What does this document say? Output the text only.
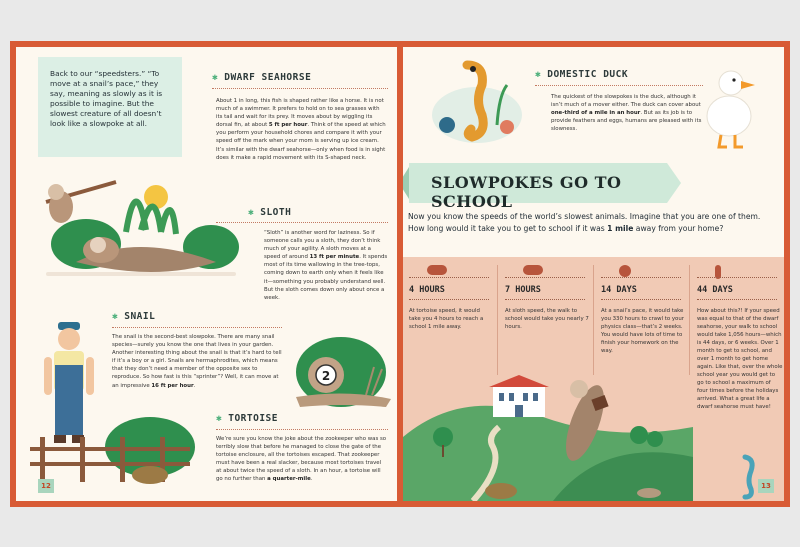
Back to our “speedsters.” “To move at a snail’s pace,” they say, meaning as slowly as it is possible to imagine. But the slowest creature of all doesn’t look like a slowpoke at all.
✱ DWARF SEAHORSE
About 1 in long, this fish is shaped rather like a horse. It is not much of a swimmer. It prefers to hold on to sea grasses with its tail and wait for its prey. It moves about by wiggling its dorsal fin, at about 5 ft per hour. Think of the speed at which you perform your household chores and compare it with your speed off the mark when your mom is serving up ice cream. It’s similar with the dwarf seahorse—only when food is in sight does it make a rapid movement with its S-shaped neck.
✱ SLOTH
“Sloth” is another word for laziness. So if someone calls you a sloth, they don’t think much of your agility. A sloth moves at a speed of around 13 ft per minute. It spends most of its time wallowing in the tree-tops, coming down to earth only when it feels like it—something you probably understand well. But the sloth comes down only about once a week.
✱ SNAIL
The snail is the second-best slowpoke. There are many snail species—surely you know the one that lives in your garden. Another interesting thing about the snail is that it’s hard to tell if it’s a boy or a girl. Snails are hermaphrodites, which means that they don’t need a member of the opposite sex to reproduce. So how fast is this “sprinter”? Well, it can move at an impressive 16 ft per hour.
2
✱ TORTOISE
We’re sure you know the joke about the zookeeper who was so terribly slow that before he managed to close the gate of the tortoise enclosure, all the tortoises escaped. That zookeeper must have been a real slacker, because most tortoises travel at about twice the speed of a sloth. In an hour, a tortoise will go no further than a quarter-mile.
12
✱ DOMESTIC DUCK
The quickest of the slowpokes is the duck, although it isn’t much of a mover either. The duck can cover about one-third of a mile in an hour. But as its job is to provide feathers and eggs, humans are pleased with its slowness.
SLOWPOKES GO TO SCHOOL
Now you know the speeds of the world’s slowest animals. Imagine that you are one of them. How long would it take you to get to school if it was 1 mile away from your home?
4 HOURS
At tortoise speed, it would take you 4 hours to reach a school 1 mile away.
7 HOURS
At sloth speed, the walk to school would take you nearly 7 hours.
14 DAYS
At a snail’s pace, it would take you 330 hours to crawl to your physics class—that’s 2 weeks. You would have lots of time to finish your homework on the way.
44 DAYS
How about this?! If your speed was equal to that of the dwarf seahorse, your walk to school would take 1,056 hours—which is 44 days, or 6 weeks. Over 1 month to get to school, and over 1 month to get home again. Like that, over the whole school year you would get to go to school a maximum of four times before the holidays arrived. What a great life a dwarf seahorse must have!
13
